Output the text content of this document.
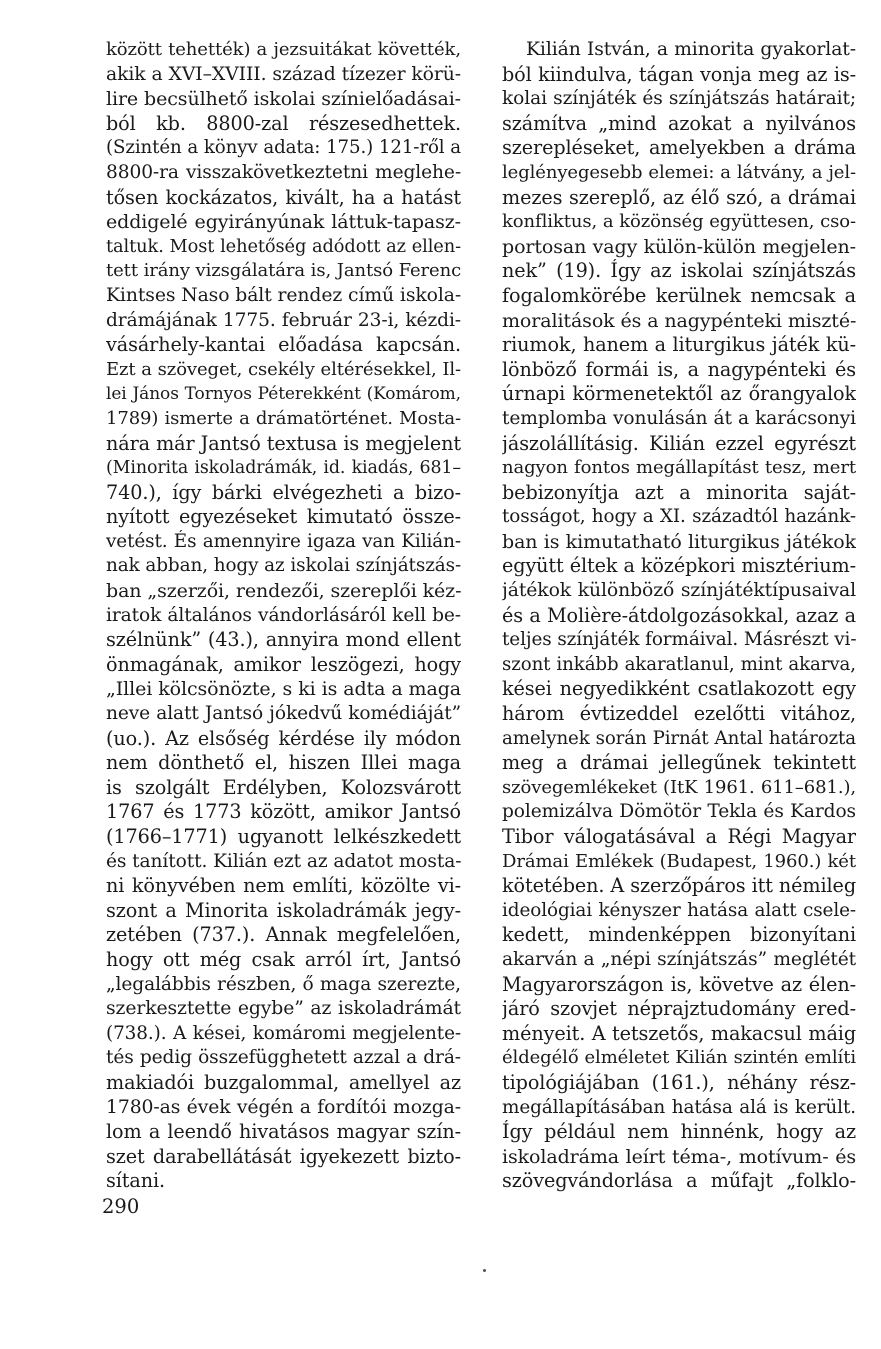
között tehették) a jezsuitákat követték,
akik a XVI–XVIII. század tízezer körü-
lire becsülhető iskolai színielőadásai-
ból kb. 8800-zal részesedhettek.
(Szintén a könyv adata: 175.) 121-ről a
8800-ra visszakövetkeztetni meglehe-
tősen kockázatos, kivált, ha a hatást
eddigelé egyirányúnak láttuk-tapasz-
taltuk. Most lehetőség adódott az ellen-
tett irány vizsgálatára is, Jantsó Ferenc
Kintses Naso bált rendez című iskola-
drámájának 1775. február 23-i, kézdi-
vásárhely-kantai előadása kapcsán.
Ezt a szöveget, csekély eltérésekkel, Il-
lei János Tornyos Péterekként (Komárom,
1789) ismerte a drámatörténet. Mosta-
nára már Jantsó textusa is megjelent
(Minorita iskoladrámák, id. kiadás, 681–
740.), így bárki elvégezheti a bizo-
nyított egyezéseket kimutató össze-
vetést. És amennyire igaza van Kilián-
nak abban, hogy az iskolai színjátszás-
ban „szerzői, rendezői, szereplői kéz-
iratok általános vándorlásáról kell be-
szélnünk” (43.), annyira mond ellent
önmagának, amikor leszögezi, hogy
„Illei kölcsönözte, s ki is adta a maga
neve alatt Jantsó jókedvű komédiáját”
(uo.). Az elsőség kérdése ily módon
nem dönthető el, hiszen Illei maga
is szolgált Erdélyben, Kolozsvárott
1767 és 1773 között, amikor Jantsó
(1766–1771) ugyanott lelkészkedett
és tanított. Kilián ezt az adatot mosta-
ni könyvében nem említi, közölte vi-
szont a Minorita iskoladrámák jegy-
zetében (737.). Annak megfelelően,
hogy ott még csak arról írt, Jantsó
„legalábbis részben, ő maga szerezte,
szerkesztette egybe” az iskoladrámát
(738.). A kései, komáromi megjelente-
tés pedig összefügghetett azzal a drá-
makiadói buzgalommal, amellyel az
1780-as évek végén a fordítói mozga-
lom a leendő hivatásos magyar szín-
szet darabellátását igyekezett bizto-
sítani.
Kilián István, a minorita gyakorlat-
ból kiindulva, tágan vonja meg az is-
kolai színjáték és színjátszás határait;
számítva „mind azokat a nyilvános
szerepléseket, amelyekben a dráma
leglényegesebb elemei: a látvány, a jel-
mezes szereplő, az élő szó, a drámai
konfliktus, a közönség együttesen, cso-
portosan vagy külön-külön megjelen-
nek” (19). Így az iskolai színjátszás
fogalomkörébe kerülnek nemcsak a
moralitások és a nagypénteki miszté-
riumok, hanem a liturgikus játék kü-
lönböző formái is, a nagypénteki és
úrnapi körmenetektől az őrangyalok
templomba vonulásán át a karácsonyi
jászolállításig. Kilián ezzel egyrészt
nagyon fontos megállapítást tesz, mert
bebizonyítja azt a minorita saját-
tosságot, hogy a XI. századtól hazánk-
ban is kimutatható liturgikus játékok
együtt éltek a középkori misztérium-
játékok különböző színjátéktípusaival
és a Molière-átdolgozásokkal, azaz a
teljes színjáték formáival. Másrészt vi-
szont inkább akaratlanul, mint akarva,
kései negyedikként csatlakozott egy
három évtizeddel ezelőtti vitához,
amelynek során Pirnát Antal határozta
meg a drámai jellegűnek tekintett
szövegemlékeket (ItK 1961. 611–681.),
polemizálva Dömötör Tekla és Kardos
Tibor válogatásával a Régi Magyar
Drámai Emlékek (Budapest, 1960.) két
kötetében. A szerzőpáros itt némileg
ideológiai kényszer hatása alatt csele-
kedett, mindenképpen bizonyítani
akarván a „népi színjátszás” meglétét
Magyarországon is, követve az élen-
járó szovjet néprajztudomány ered-
ményeit. A tetszetős, makacsul máig
éldegélő elméletet Kilián szintén említi
tipológiájában (161.), néhány rész-
megállapításában hatása alá is került.
Így például nem hinnénk, hogy az
iskoladráma leírt téma-, motívum- és
szövegvándorlása a műfajt „folklo-
290
